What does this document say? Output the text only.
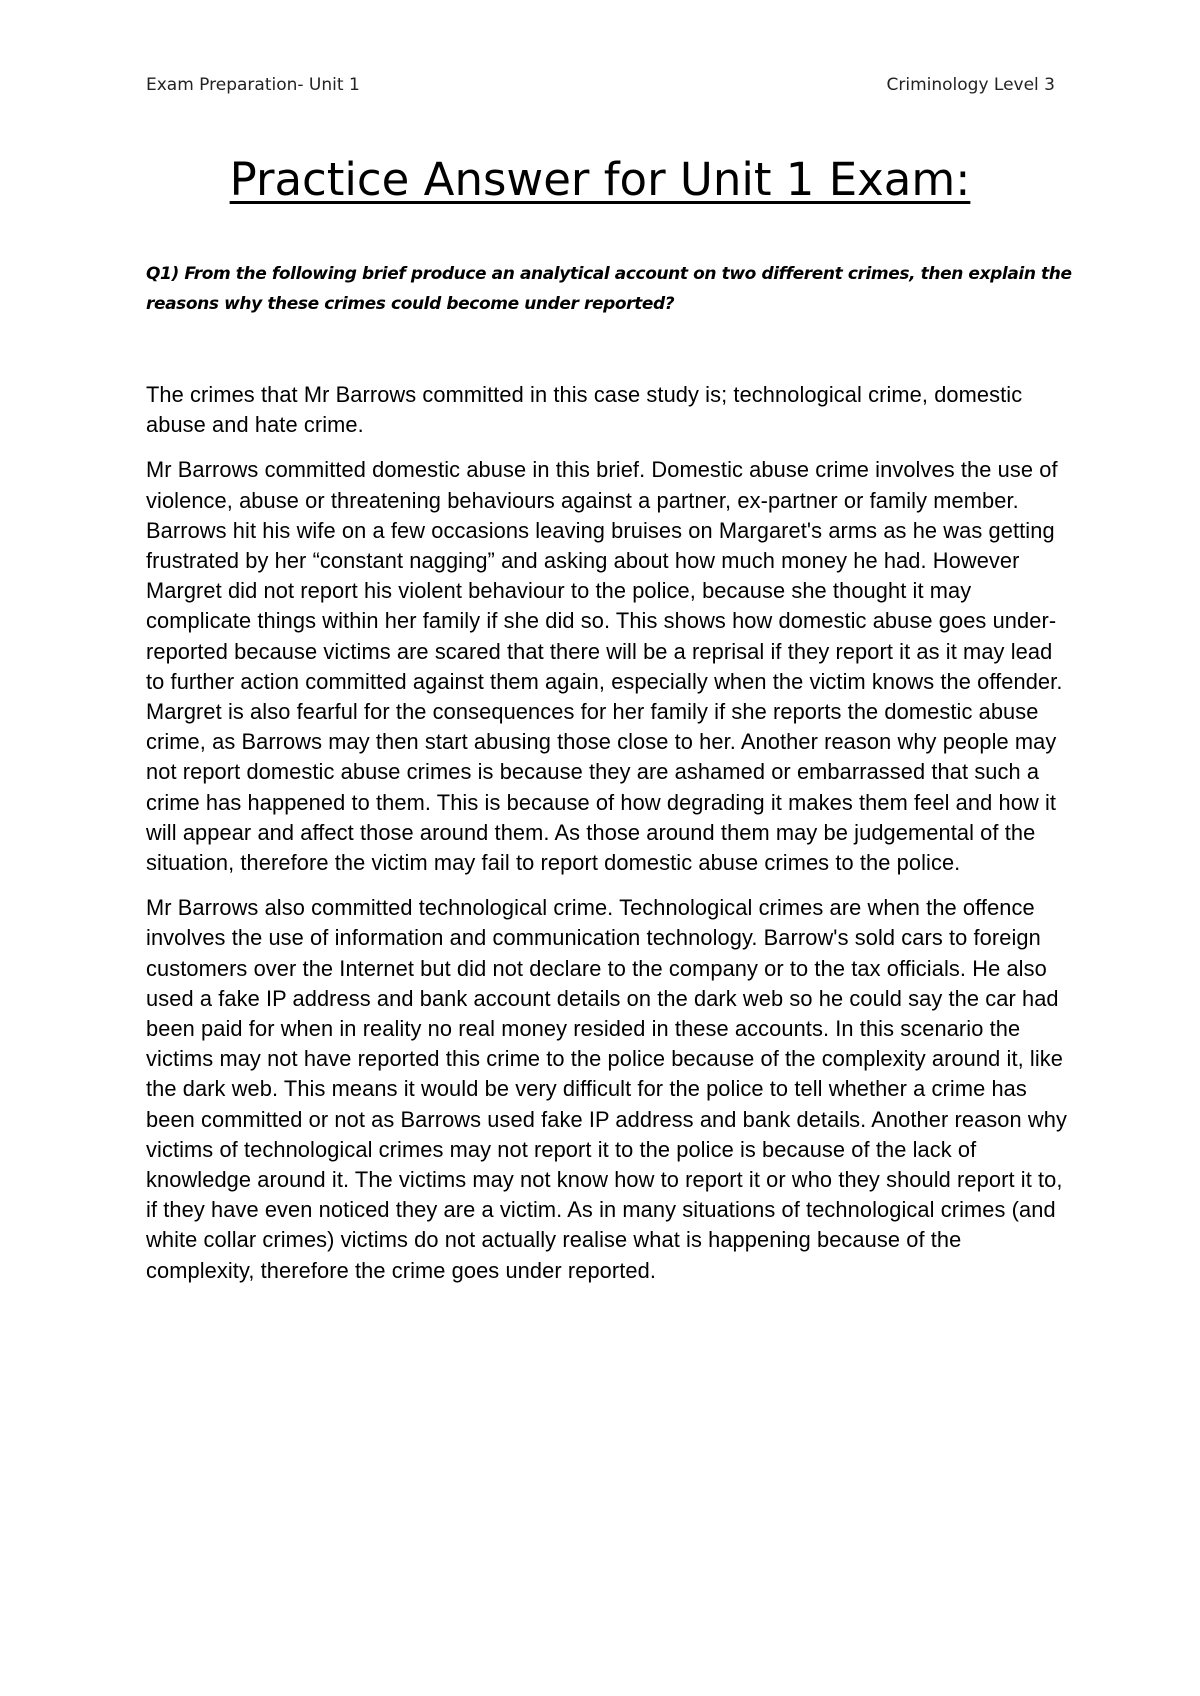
Exam Preparation- Unit 1	Criminology Level 3
Practice Answer for Unit 1 Exam:
Q1) From the following brief produce an analytical account on two different crimes, then explain the reasons why these crimes could become under reported?

The crimes that Mr Barrows committed in this case study is; technological crime, domestic abuse and hate crime.

Mr Barrows committed domestic abuse in this brief. Domestic abuse crime involves the use of violence, abuse or threatening behaviours against a partner, ex-partner or family member. Barrows hit his wife on a few occasions leaving bruises on Margaret's arms as he was getting frustrated by her “constant nagging” and asking about how much money he had. However Margret did not report his violent behaviour to the police, because she thought it may complicate things within her family if she did so. This shows how domestic abuse goes under-reported because victims are scared that there will be a reprisal if they report it as it may lead to further action committed against them again, especially when the victim knows the offender. Margret is also fearful for the consequences for her family if she reports the domestic abuse crime, as Barrows may then start abusing those close to her. Another reason why people may not report domestic abuse crimes is because they are ashamed or embarrassed that such a crime has happened to them. This is because of how degrading it makes them feel and how it will appear and affect those around them. As those around them may be judgemental of the situation, therefore the victim may fail to report domestic abuse crimes to the police.

Mr Barrows also committed technological crime. Technological crimes are when the offence involves the use of information and communication technology. Barrow's sold cars to foreign customers over the Internet but did not declare to the company or to the tax officials. He also used a fake IP address and bank account details on the dark web so he could say the car had been paid for when in reality no real money resided in these accounts. In this scenario the victims may not have reported this crime to the police because of the complexity around it, like the dark web. This means it would be very difficult for the police to tell whether a crime has been committed or not as Barrows used fake IP address and bank details. Another reason why victims of technological crimes may not report it to the police is because of the lack of knowledge around it. The victims may not know how to report it or who they should report it to, if they have even noticed they are a victim. As in many situations of technological crimes (and white collar crimes) victims do not actually realise what is happening because of the complexity, therefore the crime goes under reported.
